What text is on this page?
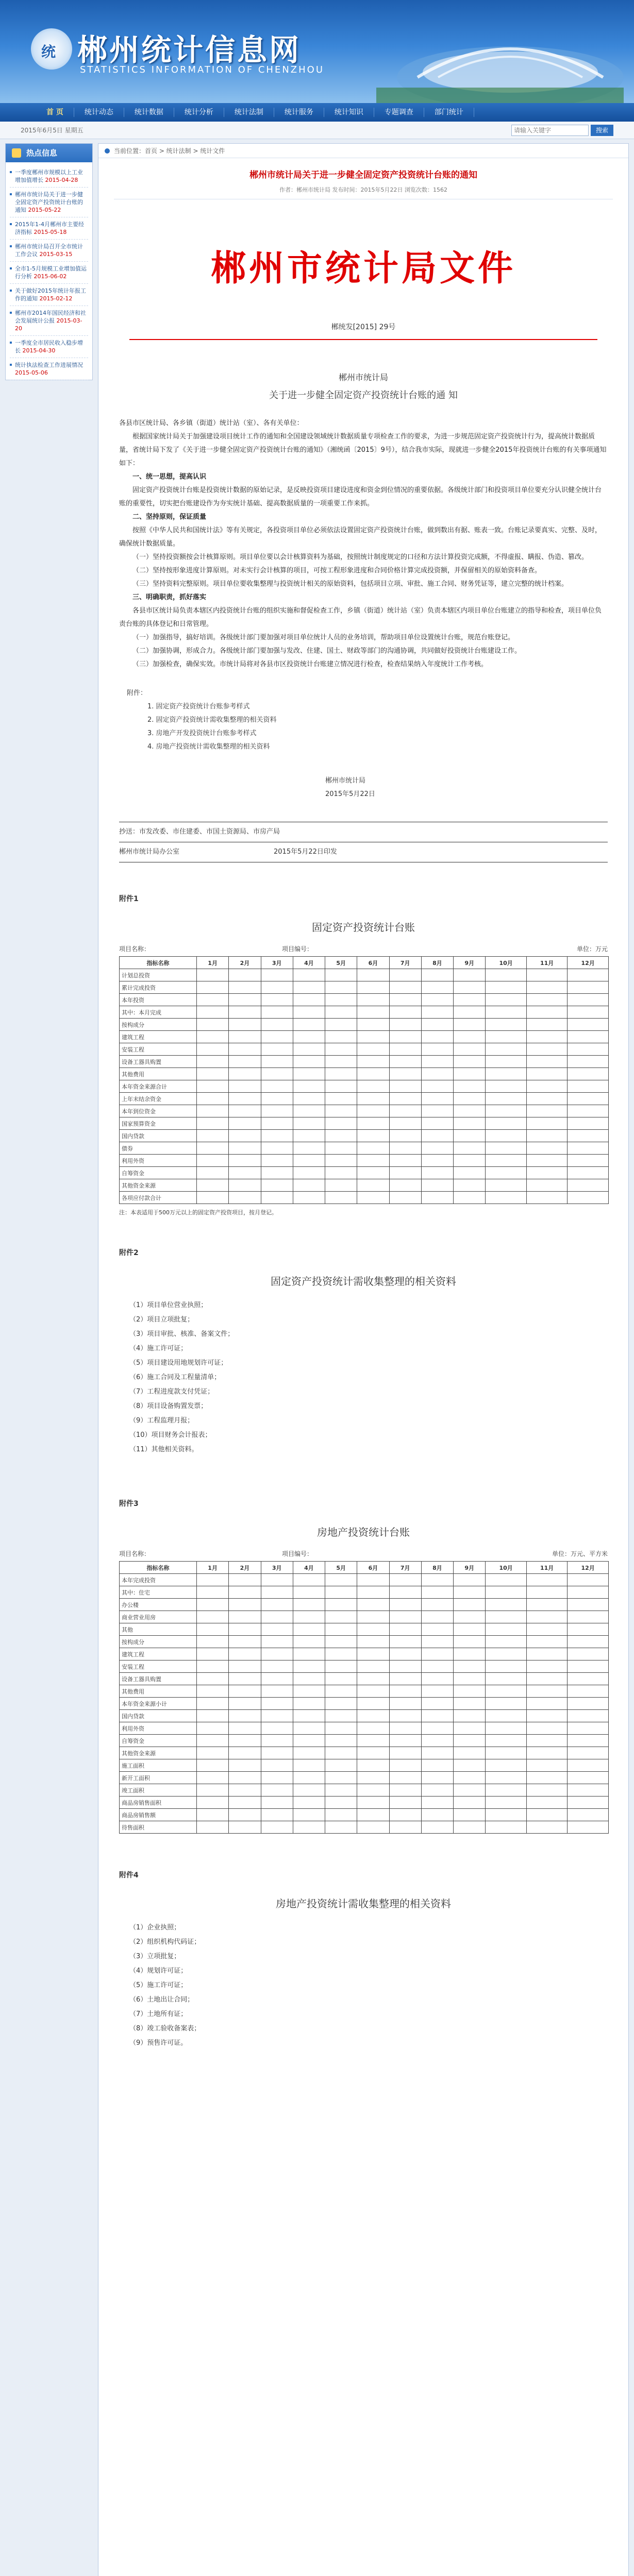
统 郴州统计信息网
STATISTICS INFORMATION OF CHENZHOU
首 页	统计动态	统计数据	统计分析	统计法制	统计服务	统计知识	专题调查	部门统计
2015年6月5日 星期五
请输入关键字	搜索
热点信息
一季度郴州市规模以上工业增加值增长 2015-04-28
郴州市统计局关于进一步健全固定资产投资统计台账的通知 2015-05-22
2015年1-4月郴州市主要经济指标 2015-05-18
郴州市统计局召开全市统计工作会议 2015-03-15
全市1-5月规模工业增加值运行分析 2015-06-02
关于做好2015年统计年报工作的通知 2015-02-12
郴州市2014年国民经济和社会发展统计公报 2015-03-20
一季度全市居民收入稳步增长 2015-04-30
统计执法检查工作进展情况 2015-05-06
当前位置：首页 > 统计法制 > 统计文件
郴州市统计局关于进一步健全固定资产投资统计台账的通知
作者：郴州市统计局 发布时间：2015年5月22日 浏览次数：1562
郴州市统计局文件
郴统发[2015] 29号
郴州市统计局
关于进一步健全固定资产投资统计台账的通 知

各县市区统计局、各乡镇（街道）统计站（室）、各有关单位：

根据国家统计局关于加强建设项目统计工作的通知和全国建设领域统计数据质量专项检查工作的要求，为进一步规范固定资产投资统计行为，提高统计数据质量，省统计局下发了《关于进一步健全固定资产投资统计台账的通知》（湘统函〔2015〕9号），结合我市实际，现就进一步健全2015年投资统计台账的有关事项通知如下：

一、统一思想，提高认识

固定资产投资统计台账是投资统计数据的原始记录，是反映投资项目建设进度和资金到位情况的重要依据。各级统计部门和投资项目单位要充分认识健全统计台账的重要性，切实把台账建设作为夯实统计基础、提高数据质量的一项重要工作来抓。

二、坚持原则，保证质量

按照《中华人民共和国统计法》等有关规定，各投资项目单位必须依法设置固定资产投资统计台账，做到数出有据、账表一致。台账记录要真实、完整、及时，确保统计数据质量。

（一）坚持投资额按会计核算原则。项目单位要以会计核算资料为基础，按照统计制度规定的口径和方法计算投资完成额，不得虚报、瞒报、伪造、篡改。

（二）坚持按形象进度计算原则。对未实行会计核算的项目，可按工程形象进度和合同价格计算完成投资额，并保留相关的原始资料备查。

（三）坚持资料完整原则。项目单位要收集整理与投资统计相关的原始资料，包括项目立项、审批、施工合同、财务凭证等，建立完整的统计档案。

三、明确职责，抓好落实

各县市区统计局负责本辖区内投资统计台账的组织实施和督促检查工作，乡镇（街道）统计站（室）负责本辖区内项目单位台账建立的指导和检查，项目单位负责台账的具体登记和日常管理。

（一）加强指导，搞好培训。各级统计部门要加强对项目单位统计人员的业务培训，帮助项目单位设置统计台账，规范台账登记。

（二）加强协调，形成合力。各级统计部门要加强与发改、住建、国土、财政等部门的沟通协调，共同做好投资统计台账建设工作。

（三）加强检查，确保实效。市统计局将对各县市区投资统计台账建立情况进行检查，检查结果纳入年度统计工作考核。

附件：
1. 固定资产投资统计台账参考样式
2. 固定资产投资统计需收集整理的相关资料
3. 房地产开发投资统计台账参考样式
4. 房地产投资统计需收集整理的相关资料
郴州市统计局
2015年5月22日
抄送：市发改委、市住建委、市国土资源局、市房产局
郴州市统计局办公室	2015年5月22日印发
附件1
固定资产投资统计台账
项目名称：	项目编号：	单位：万元
指标名称	1月	2月	3月	4月	5月	6月	7月	8月	9月	10月	11月	12月
计划总投资												
累计完成投资												
本年投资												
其中：本月完成												
按构成分												
建筑工程												
安装工程												
设备工器具购置												
其他费用												
本年资金来源合计												
上年末结余资金												
本年到位资金												
国家预算资金												
国内贷款												
债券												
利用外资												
自筹资金												
其他资金来源												
各项应付款合计												
注：本表适用于500万元以上的固定资产投资项目，按月登记。
附件2
固定资产投资统计需收集整理的相关资料
（1）项目单位营业执照；
（2）项目立项批复；
（3）项目审批、核准、备案文件；
（4）施工许可证；
（5）项目建设用地规划许可证；
（6）施工合同及工程量清单；
（7）工程进度款支付凭证；
（8）项目设备购置发票；
（9）工程监理月报；
（10）项目财务会计报表；
（11）其他相关资料。
附件3
房地产投资统计台账
项目名称：	项目编号：	单位：万元、平方米
指标名称	1月	2月	3月	4月	5月	6月	7月	8月	9月	10月	11月	12月
本年完成投资												
其中：住宅												
办公楼												
商业营业用房												
其他												
按构成分												
建筑工程												
安装工程												
设备工器具购置												
其他费用												
本年资金来源小计												
国内贷款												
利用外资												
自筹资金												
其他资金来源												
施工面积												
新开工面积												
竣工面积												
商品房销售面积												
商品房销售额												
待售面积												
附件4
房地产投资统计需收集整理的相关资料
（1）企业执照；
（2）组织机构代码证；
（3）立项批复；
（4）规划许可证；
（5）施工许可证；
（6）土地出让合同；
（7）土地所有证；
（8）竣工验收备案表；
（9）预售许可证。
